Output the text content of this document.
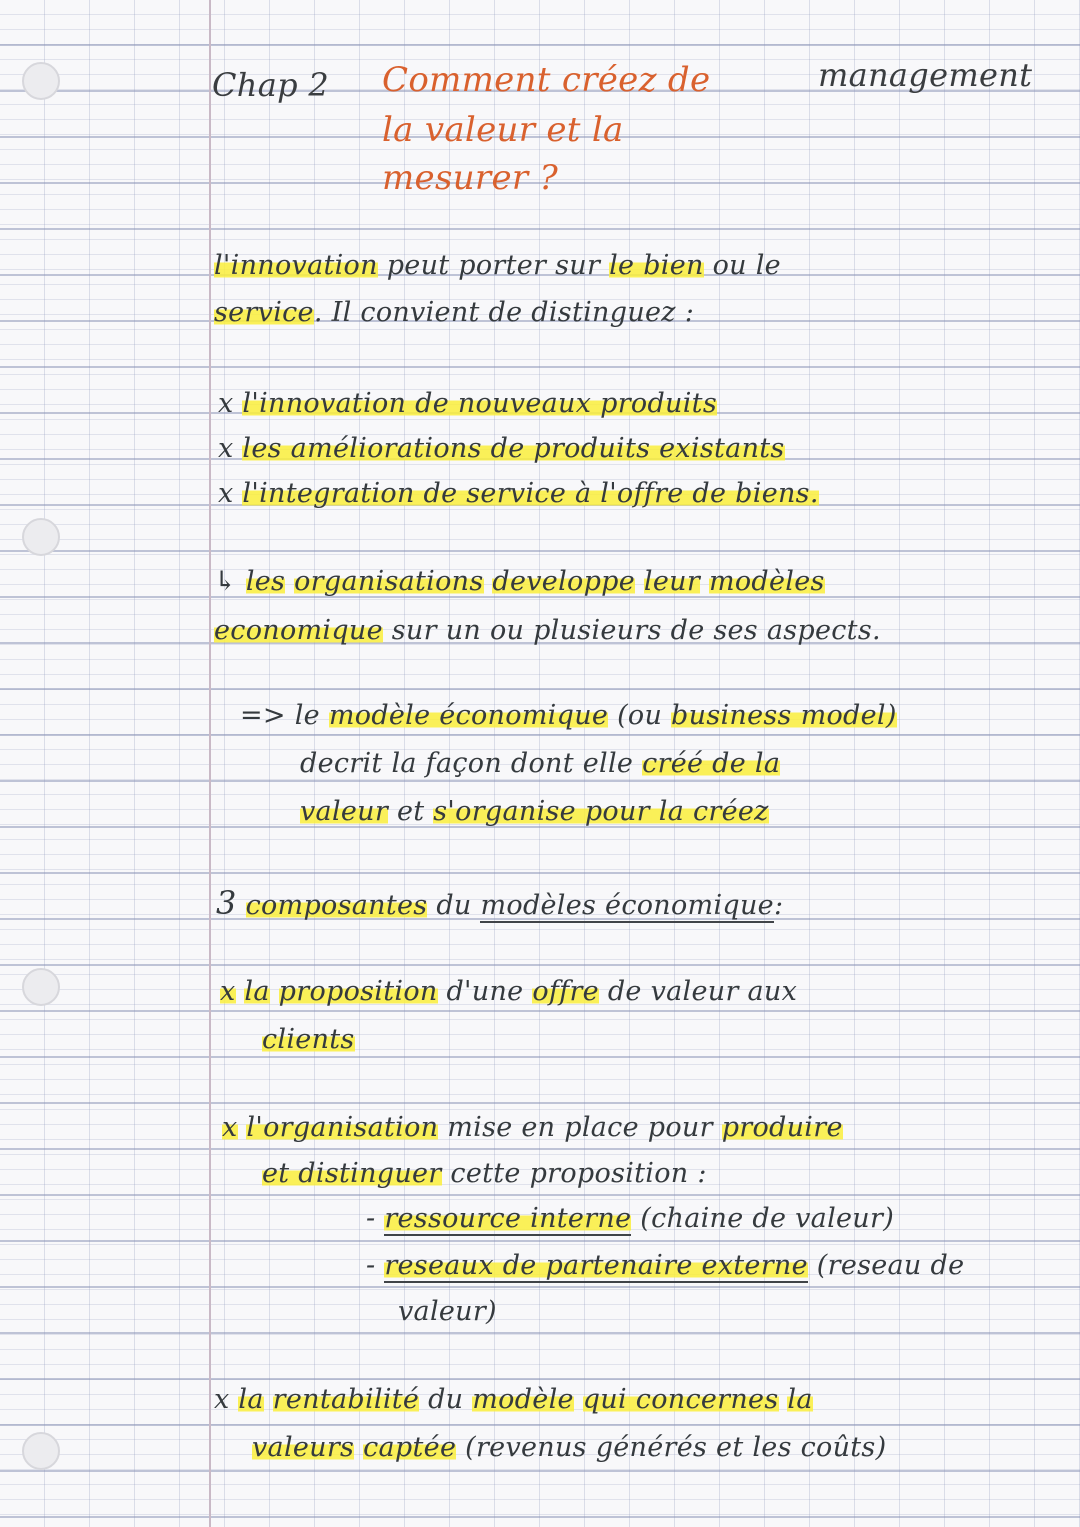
Chap 2 Comment créez de	management
la valeur et la
mesurer ?
l'innovation peut porter sur le bien ou le
service. Il convient de distinguez :
x l'innovation de nouveaux produits
x les améliorations de produits existants
x l'integration de service à l'offre de biens.
↳ les organisations developpe leur modèles
economique sur un ou plusieurs de ses aspects.
=> le modèle économique (ou business model)
decrit la façon dont elle créé de la
valeur et s'organise pour la créez
3 composantes du modèles économique:
x la proposition d'une offre de valeur aux
clients
x l'organisation mise en place pour produire
et distinguer cette proposition :
- ressource interne (chaine de valeur)
- reseaux de partenaire externe (reseau de
valeur)
x la rentabilité du modèle qui concernes la
valeurs captée (revenus générés et les coûts)
